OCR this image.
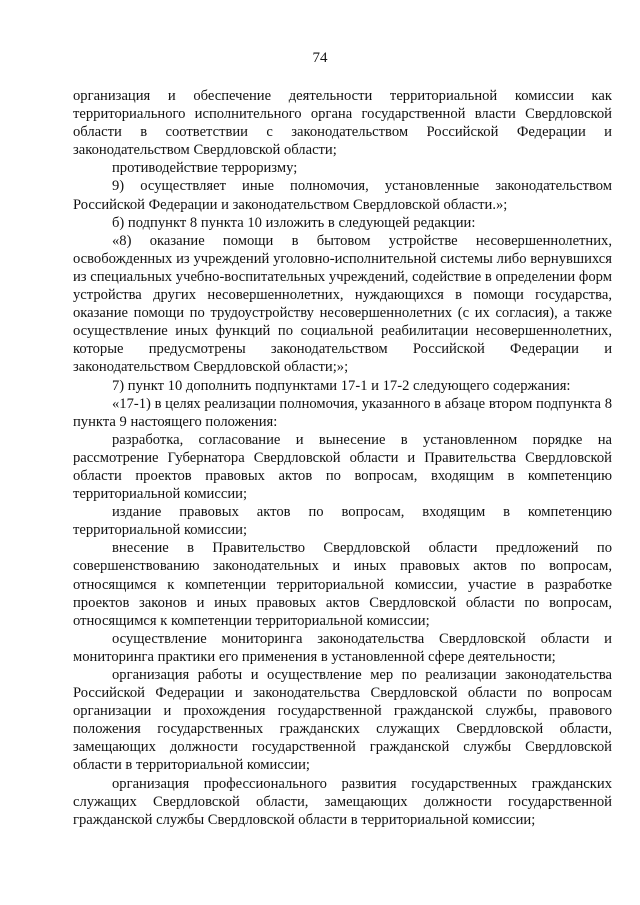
74

организация и обеспечение деятельности территориальной комиссии как территориального исполнительного органа государственной власти Свердловской области в соответствии с законодательством Российской Федерации и законодательством Свердловской области;

противодействие терроризму;

9) осуществляет иные полномочия, установленные законодательством Российской Федерации и законодательством Свердловской области.»;

б) подпункт 8 пункта 10 изложить в следующей редакции:

«8) оказание помощи в бытовом устройстве несовершеннолетних, освобожденных из учреждений уголовно-исполнительной системы либо вернувшихся из специальных учебно-воспитательных учреждений, содействие в определении форм устройства других несовершеннолетних, нуждающихся в помощи государства, оказание помощи по трудоустройству несовершеннолетних (с их согласия), а также осуществление иных функций по социальной реабилитации несовершеннолетних, которые предусмотрены законодательством Российской Федерации и законодательством Свердловской области;»;

7) пункт 10 дополнить подпунктами 17-1 и 17-2 следующего содержания:

«17-1) в целях реализации полномочия, указанного в абзаце втором подпункта 8 пункта 9 настоящего положения:

разработка, согласование и вынесение в установленном порядке на рассмотрение Губернатора Свердловской области и Правительства Свердловской области проектов правовых актов по вопросам, входящим в компетенцию территориальной комиссии;

издание правовых актов по вопросам, входящим в компетенцию территориальной комиссии;

внесение в Правительство Свердловской области предложений по совершенствованию законодательных и иных правовых актов по вопросам, относящимся к компетенции территориальной комиссии, участие в разработке проектов законов и иных правовых актов Свердловской области по вопросам, относящимся к компетенции территориальной комиссии;

осуществление мониторинга законодательства Свердловской области и мониторинга практики его применения в установленной сфере деятельности;

организация работы и осуществление мер по реализации законодательства Российской Федерации и законодательства Свердловской области по вопросам организации и прохождения государственной гражданской службы, правового положения государственных гражданских служащих Свердловской области, замещающих должности государственной гражданской службы Свердловской области в территориальной комиссии;

организация профессионального развития государственных гражданских служащих Свердловской области, замещающих должности государственной гражданской службы Свердловской области в территориальной комиссии;
